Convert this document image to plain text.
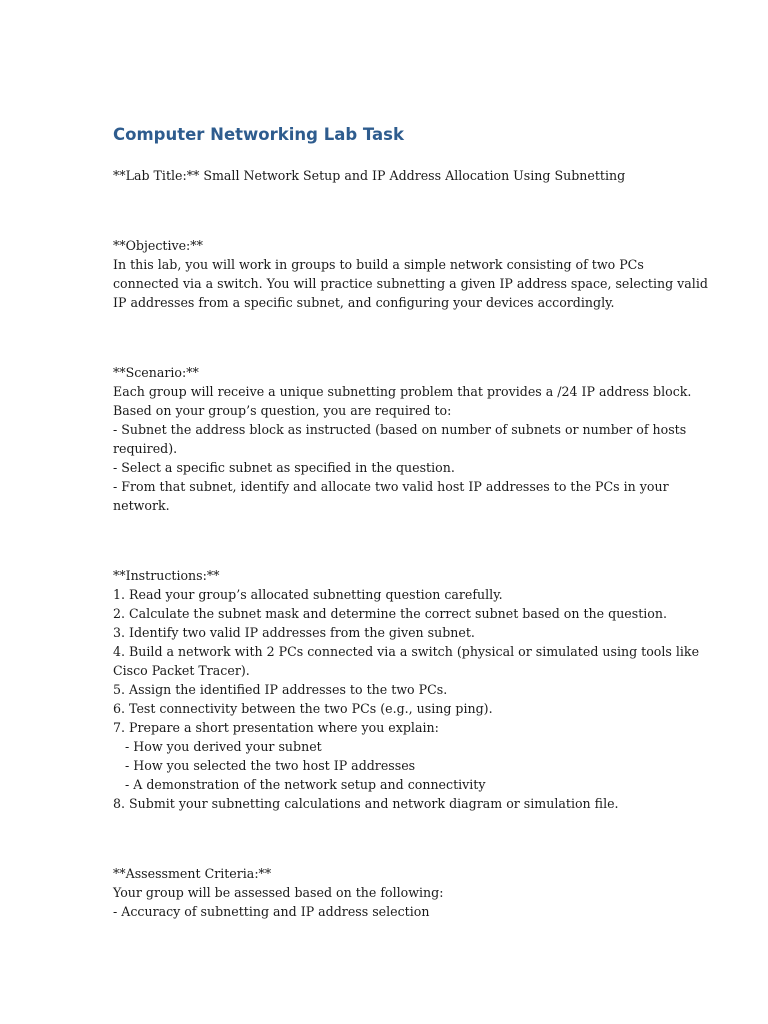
Computer Networking Lab Task
**Lab Title:** Small Network Setup and IP Address Allocation Using Subnetting
**Objective:**
In this lab, you will work in groups to build a simple network consisting of two PCs
connected via a switch. You will practice subnetting a given IP address space, selecting valid
IP addresses from a specific subnet, and configuring your devices accordingly.
**Scenario:**
Each group will receive a unique subnetting problem that provides a /24 IP address block.
Based on your group’s question, you are required to:
- Subnet the address block as instructed (based on number of subnets or number of hosts
required).
- Select a specific subnet as specified in the question.
- From that subnet, identify and allocate two valid host IP addresses to the PCs in your
network.
**Instructions:**
1. Read your group’s allocated subnetting question carefully.
2. Calculate the subnet mask and determine the correct subnet based on the question.
3. Identify two valid IP addresses from the given subnet.
4. Build a network with 2 PCs connected via a switch (physical or simulated using tools like
Cisco Packet Tracer).
5. Assign the identified IP addresses to the two PCs.
6. Test connectivity between the two PCs (e.g., using ping).
7. Prepare a short presentation where you explain:
- How you derived your subnet
- How you selected the two host IP addresses
- A demonstration of the network setup and connectivity
8. Submit your subnetting calculations and network diagram or simulation file.
**Assessment Criteria:**
Your group will be assessed based on the following:
- Accuracy of subnetting and IP address selection
